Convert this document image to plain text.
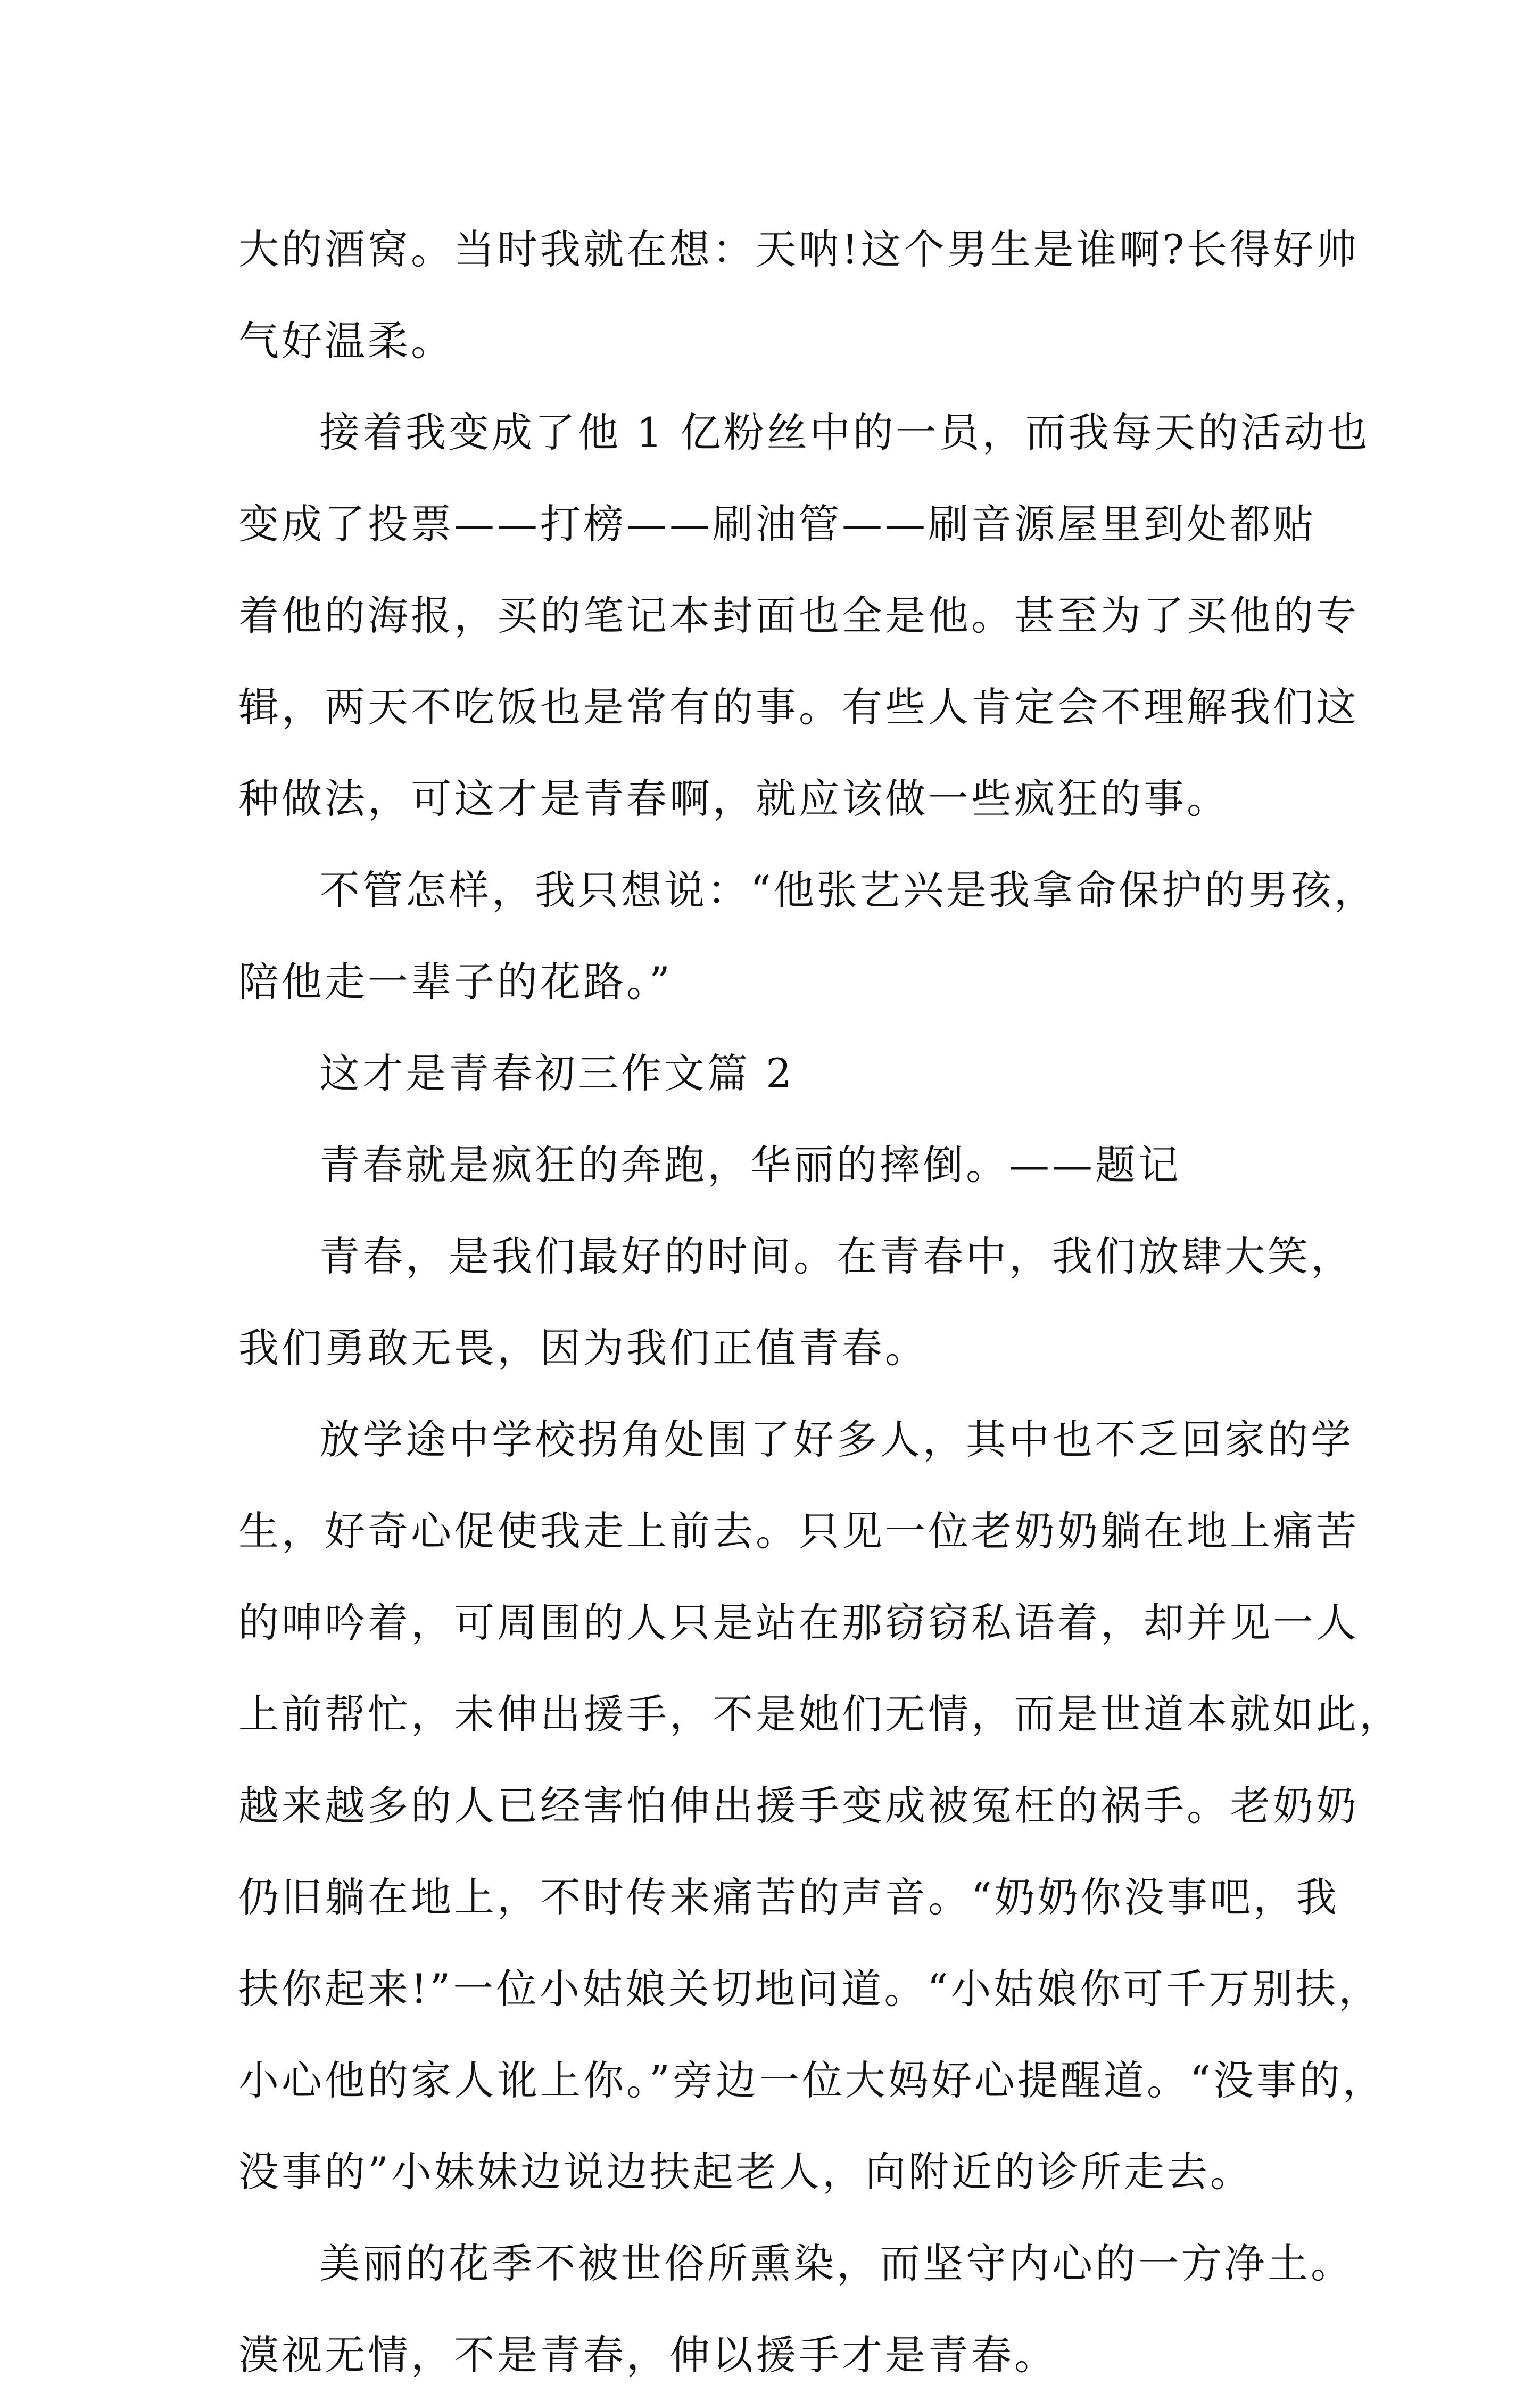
大的酒窝。当时我就在想：天呐!这个男生是谁啊?长得好帅
气好温柔。
接着我变成了他 1 亿粉丝中的一员，而我每天的活动也
变成了投票——打榜——刷油管——刷音源屋里到处都贴
着他的海报，买的笔记本封面也全是他。甚至为了买他的专
辑，两天不吃饭也是常有的事。有些人肯定会不理解我们这
种做法，可这才是青春啊，就应该做一些疯狂的事。
不管怎样，我只想说：“他张艺兴是我拿命保护的男孩，
陪他走一辈子的花路。”
这才是青春初三作文篇 2
青春就是疯狂的奔跑，华丽的摔倒。——题记
青春，是我们最好的时间。在青春中，我们放肆大笑，
我们勇敢无畏，因为我们正值青春。
放学途中学校拐角处围了好多人，其中也不乏回家的学
生，好奇心促使我走上前去。只见一位老奶奶躺在地上痛苦
的呻吟着，可周围的人只是站在那窃窃私语着，却并见一人
上前帮忙，未伸出援手，不是她们无情，而是世道本就如此，
越来越多的人已经害怕伸出援手变成被冤枉的祸手。老奶奶
仍旧躺在地上，不时传来痛苦的声音。“奶奶你没事吧，我
扶你起来!”一位小姑娘关切地问道。“小姑娘你可千万别扶，
小心他的家人讹上你。”旁边一位大妈好心提醒道。“没事的，
没事的”小妹妹边说边扶起老人，向附近的诊所走去。
美丽的花季不被世俗所熏染，而坚守内心的一方净土。
漠视无情，不是青春，伸以援手才是青春。
